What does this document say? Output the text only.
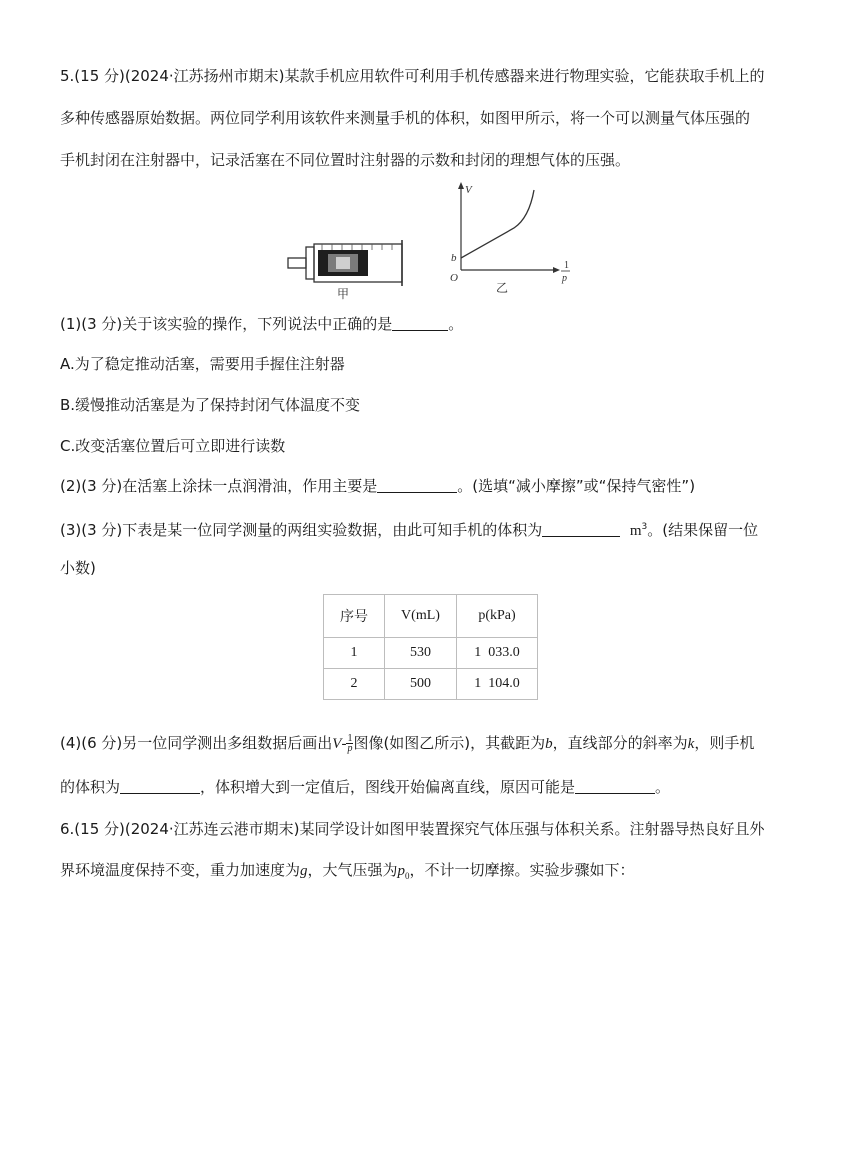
5.(15 分)(2024·江苏扬州市期末)某款手机应用软件可利用手机传感器来进行物理实验，它能获取手机上的
多种传感器原始数据。两位同学利用该软件来测量手机的体积，如图甲所示，将一个可以测量气体压强的
手机封闭在注射器中，记录活塞在不同位置时注射器的示数和封闭的理想气体的压强。
甲
V
b
O
1
p
乙
(1)(3 分)关于该实验的操作，下列说法中正确的是	。
A.为了稳定推动活塞，需要用手握住注射器
B.缓慢推动活塞是为了保持封闭气体温度不变
C.改变活塞位置后可立即进行读数
(2)(3 分)在活塞上涂抹一点润滑油，作用主要是	。(选填“减小摩擦”或“保持气密性”)
(3)(3 分)下表是某一位同学测量的两组实验数据，由此可知手机的体积为	$m^3$。(结果保留一位
小数)
序号	V(mL)	p(kPa)
1	530	1  033.0
2	500	1  104.0
(4)(6 分)另一位同学测出多组数据后画出$V- \frac{1}{p}$ 图像(如图乙所示)，其截距为b，直线部分的斜率为k，则手机
的体积为	，体积增大到一定值后，图线开始偏离直线，原因可能是	。
6.(15 分)(2024·江苏连云港市期末)某同学设计如图甲装置探究气体压强与体积关系。注射器导热良好且外
界环境温度保持不变，重力加速度为g，大气压强为$p_0$，不计一切摩擦。实验步骤如下：
